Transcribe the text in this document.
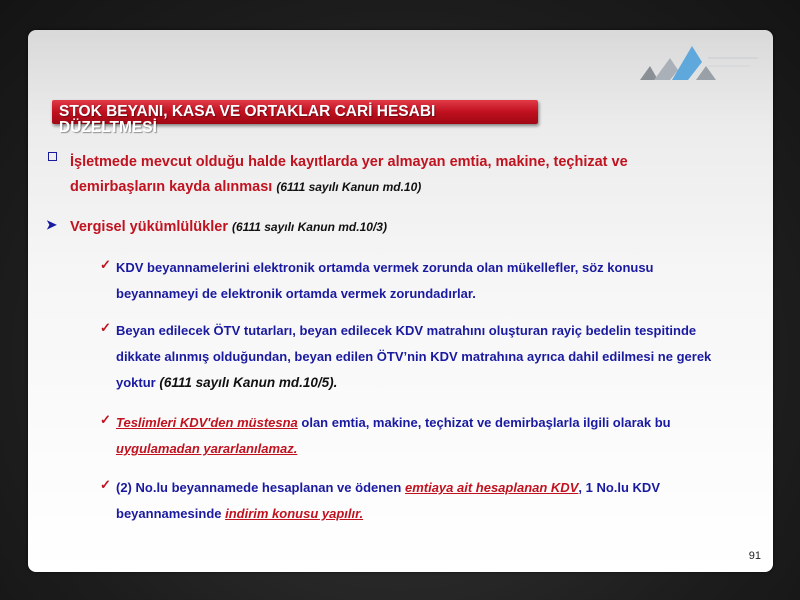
STOK BEYANI, KASA VE ORTAKLAR CARİ HESABI DÜZELTMESİ
İşletmede mevcut olduğu halde kayıtlarda yer almayan emtia, makine, teçhizat ve demirbaşların kayda alınması (6111 sayılı Kanun md.10)
➤ Vergisel yükümlülükler (6111 sayılı Kanun md.10/3)
✓ KDV beyannamelerini elektronik ortamda vermek zorunda olan mükellefler, söz konusu beyannameyi de elektronik ortamda vermek zorundadırlar.
✓ Beyan edilecek ÖTV tutarları, beyan edilecek KDV matrahını oluşturan rayiç bedelin tespitinde dikkate alınmış olduğundan, beyan edilen ÖTV’nin KDV matrahına ayrıca dahil edilmesi ne gerek yoktur (6111 sayılı Kanun md.10/5).
✓ Teslimleri KDV'den müstesna olan emtia, makine, teçhizat ve demirbaşlarla ilgili olarak bu uygulamadan yararlanılamaz.
✓ (2) No.lu beyannamede hesaplanan ve ödenen emtiaya ait hesaplanan KDV, 1 No.lu KDV beyannamesinde indirim konusu yapılır.
91
